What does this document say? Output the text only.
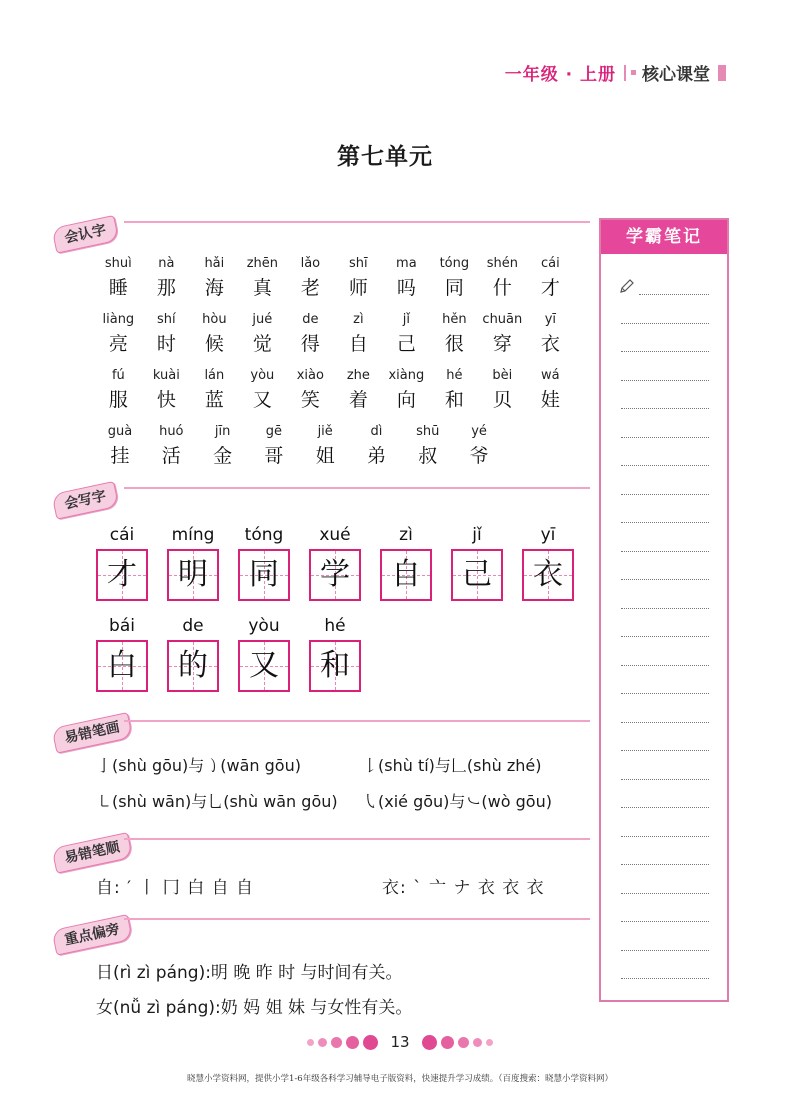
一年级 · 上册 核心课堂
第七单元
会认字
shuì
睡
nà
那
hǎi
海
zhēn
真
lǎo
老
shī
师
ma
吗
tóng
同
shén
什
cái
才
liàng
亮
shí
时
hòu
候
jué
觉
de
得
zì
自
jǐ
己
hěn
很
chuān
穿
yī
衣
fú
服
kuài
快
lán
蓝
yòu
又
xiào
笑
zhe
着
xiàng
向
hé
和
bèi
贝
wá
娃
guà
挂
huó
活
jīn
金
gē
哥
jiě
姐
dì
弟
shū
叔
yé
爷
会写字
cái
才
míng
明
tóng
同
xué
学
zì
自
jǐ
己
yī
衣
bái
白
de
的
yòu
又
hé
和
易错笔画
亅(shù gōu)与㇁(wān gōu)	𠄌(shù tí)与𠃊(shù zhé)
㇄(shù wān)与乚(shù wān gōu) ㇂(xié gōu)与㇃(wò gōu)
易错笔顺
自: ′ 丨 冂 白 自 自	衣: ` 亠 ナ 衣 衣 衣
重点偏旁
日(rì zì páng):明 晚 昨 时 与时间有关。
女(nǚ zì páng):奶 妈 姐 妹 与女性有关。
学霸笔记
13
晓慧小学资料网，提供小学1-6年级各科学习辅导电子版资料，快速提升学习成绩。（百度搜索：晓慧小学资料网）
